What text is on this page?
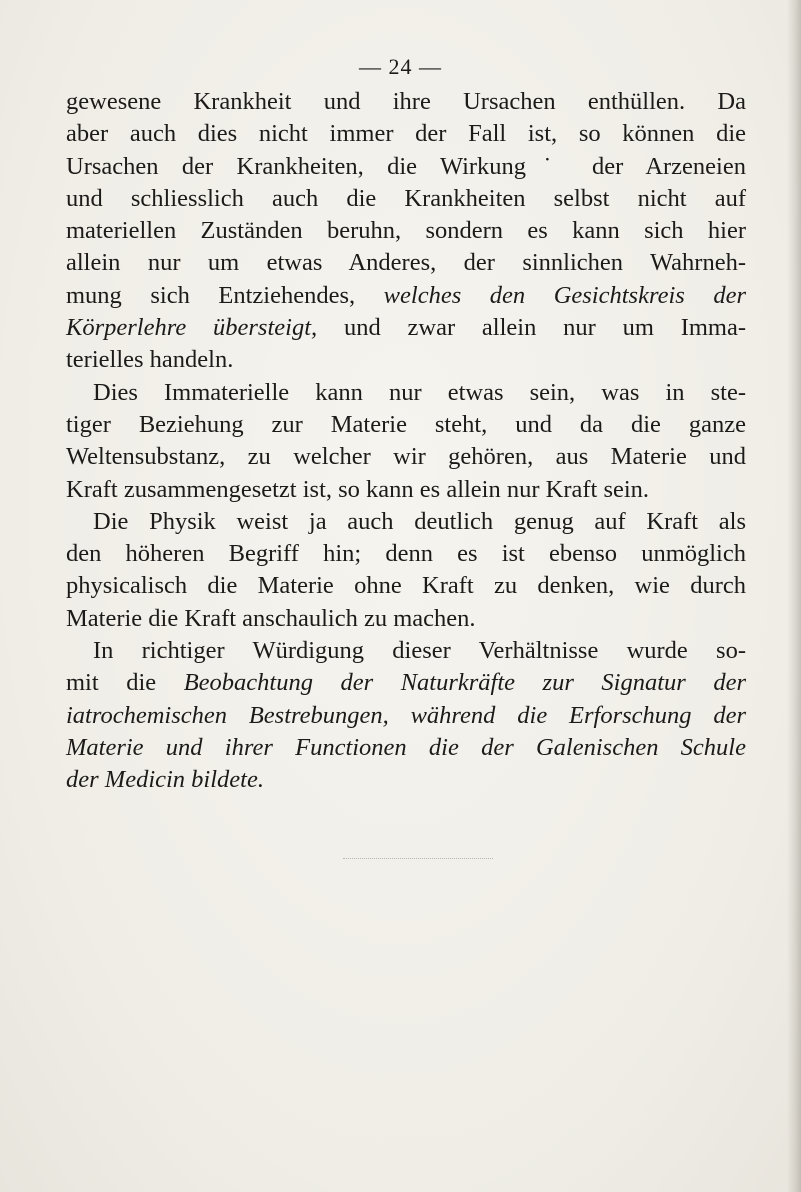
— 24 —
gewesene Krankheit und ihre Ursachen enthüllen. Da
aber auch dies nicht immer der Fall ist, so können die
Ursachen der Krankheiten, die Wirkung˙ der Arzeneien
und schliesslich auch die Krankheiten selbst nicht auf
materiellen Zuständen beruhn, sondern es kann sich hier
allein nur um etwas Anderes, der sinnlichen Wahrneh-
mung sich Entziehendes, welches den Gesichtskreis der
Körperlehre übersteigt, und zwar allein nur um Imma-
terielles handeln.
Dies Immaterielle kann nur etwas sein, was in ste-
tiger Beziehung zur Materie steht, und da die ganze
Weltensubstanz, zu welcher wir gehören, aus Materie und
Kraft zusammengesetzt ist, so kann es allein nur Kraft sein.
Die Physik weist ja auch deutlich genug auf Kraft als
den höheren Begriff hin; denn es ist ebenso unmöglich
physicalisch die Materie ohne Kraft zu denken, wie durch
Materie die Kraft anschaulich zu machen.
In richtiger Würdigung dieser Verhältnisse wurde so-
mit die Beobachtung der Naturkräfte zur Signatur der
iatrochemischen Bestrebungen, während die Erforschung der
Materie und ihrer Functionen die der Galenischen Schule
der Medicin bildete.
